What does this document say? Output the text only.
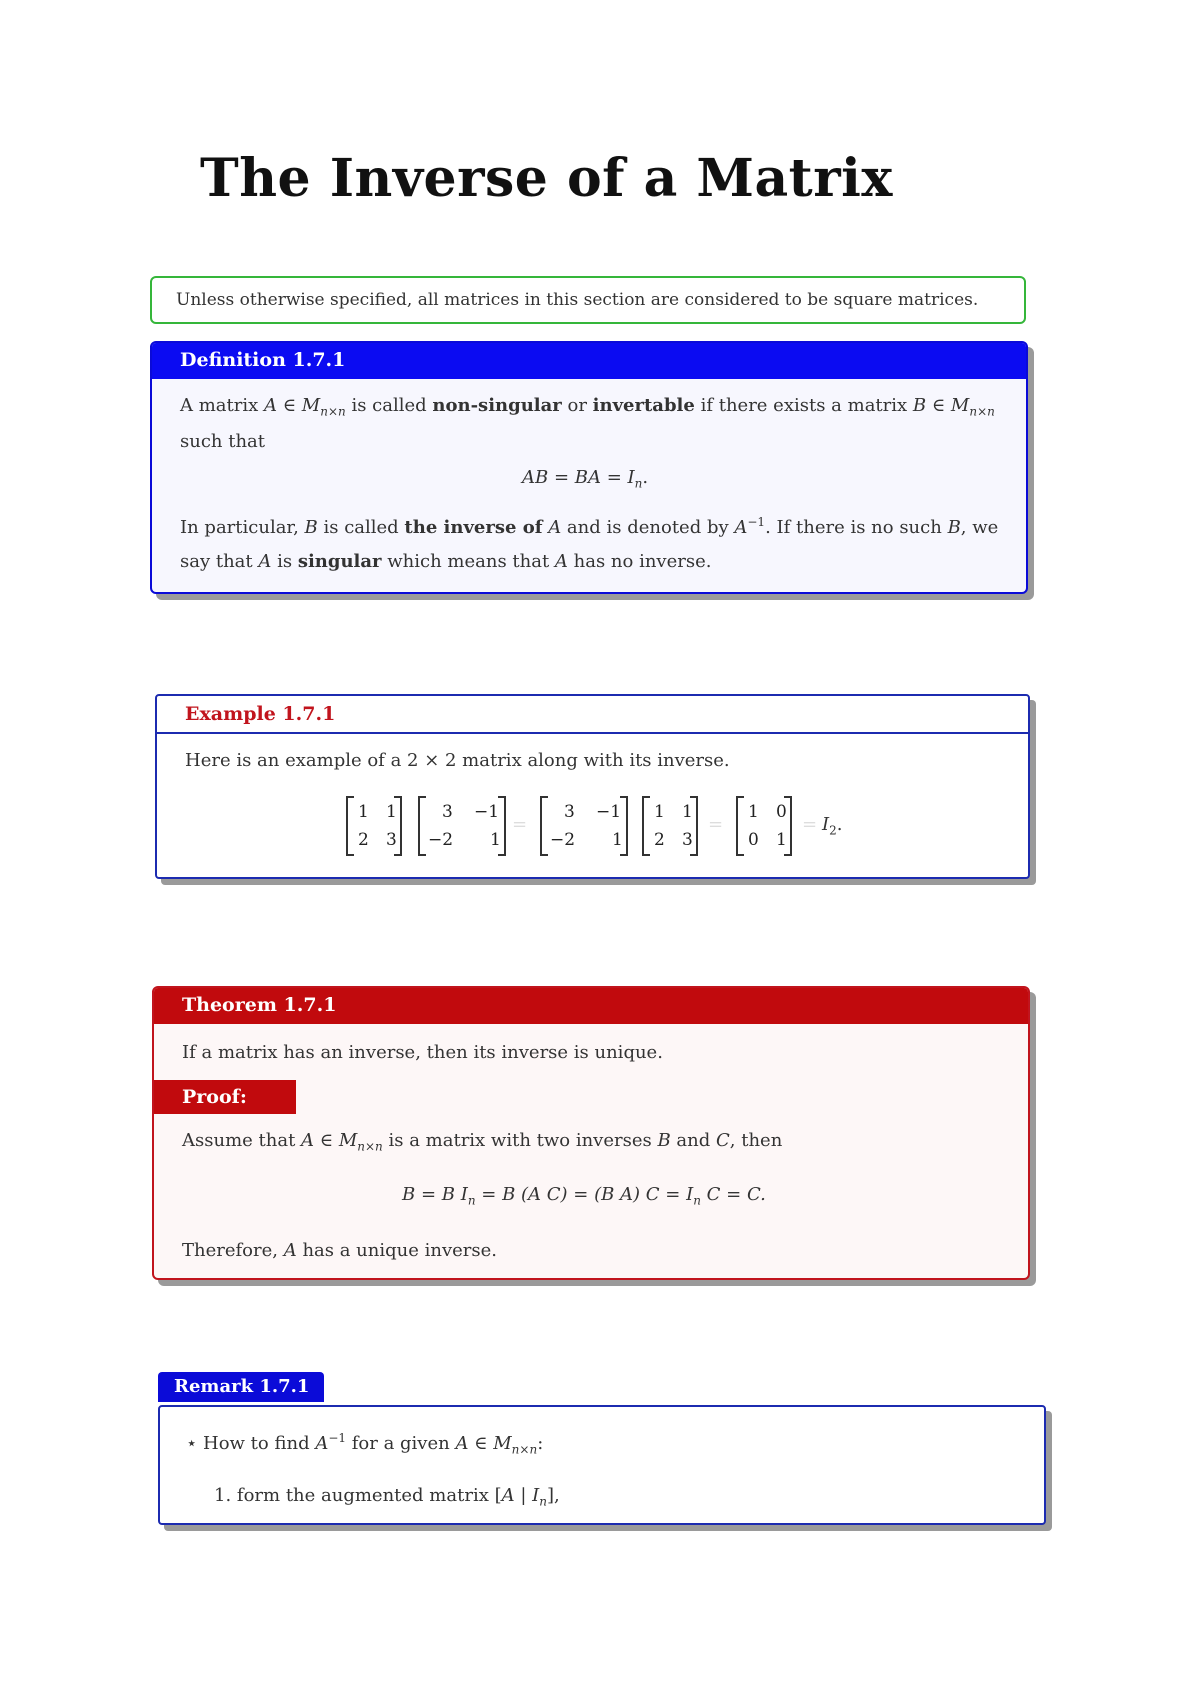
The Inverse of a Matrix
Unless otherwise specified, all matrices in this section are considered to be square matrices.
Definition 1.7.1
A matrix A ∈ $M_{n\times n}$ is called non-singular or invertable if there exists a matrix B ∈ $M_{n\times n}$
such that
AB = BA = $I_n$.
In particular, B is called the inverse of A and is denoted by $A^{-1}$. If there is no such B, we
say that A is singular which means that A has no inverse.
Example 1.7.1
Here is an example of a 2 × 2 matrix along with its inverse.
1 1
2 3
3 −1
−2 1
=
3 −1
−2 1
1 1
2 3
=
1 0
0 1
= $I_2$.
Theorem 1.7.1
If a matrix has an inverse, then its inverse is unique.
Proof:
Assume that A ∈ $M_{n\times n}$ is a matrix with two inverses B and C, then
B = B $I_n = B$ (A C) = (B A) $C = I_n$ C = C.
Therefore, A has a unique inverse.
Remark 1.7.1
⋆ How to find $A^{-1}$ for a given A ∈ $M_{n\times n}$:
1. form the augmented matrix [A | $I_n$],
